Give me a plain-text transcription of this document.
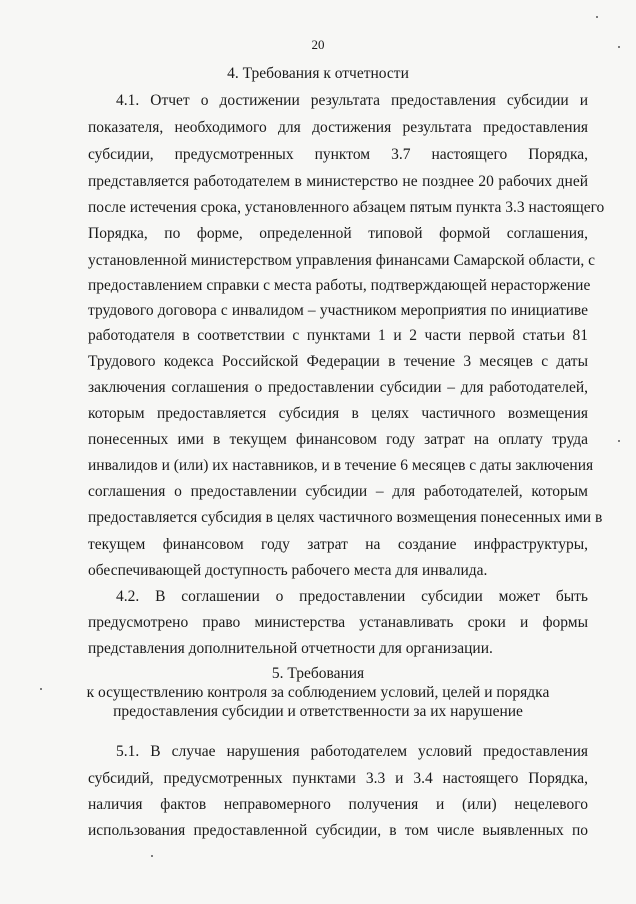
20
4. Требования к отчетности
4.1. Отчет о достижении результата предоставления субсидии и
показателя, необходимого для достижения результата предоставления
субсидии, предусмотренных пунктом 3.7 настоящего Порядка,
представляется работодателем в министерство не позднее 20 рабочих дней
после истечения срока, установленного абзацем пятым пункта 3.3 настоящего
Порядка, по форме, определенной типовой формой соглашения,
установленной министерством управления финансами Самарской области, с
предоставлением справки с места работы, подтверждающей нерасторжение
трудового договора с инвалидом – участником мероприятия по инициативе
работодателя в соответствии с пунктами 1 и 2 части первой статьи 81
Трудового кодекса Российской Федерации в течение 3 месяцев с даты
заключения соглашения о предоставлении субсидии – для работодателей,
которым предоставляется субсидия в целях частичного возмещения
понесенных ими в текущем финансовом году затрат на оплату труда
инвалидов и (или) их наставников, и в течение 6 месяцев с даты заключения
соглашения о предоставлении субсидии – для работодателей, которым
предоставляется субсидия в целях частичного возмещения понесенных ими в
текущем финансовом году затрат на создание инфраструктуры,
обеспечивающей доступность рабочего места для инвалида.
4.2. В соглашении о предоставлении субсидии может быть
предусмотрено право министерства устанавливать сроки и формы
представления дополнительной отчетности для организации.
5. Требования
к осуществлению контроля за соблюдением условий, целей и порядка
предоставления субсидии и ответственности за их нарушение
5.1. В случае нарушения работодателем условий предоставления
субсидий, предусмотренных пунктами 3.3 и 3.4 настоящего Порядка,
наличия фактов неправомерного получения и (или) нецелевого
использования предоставленной субсидии, в том числе выявленных по
